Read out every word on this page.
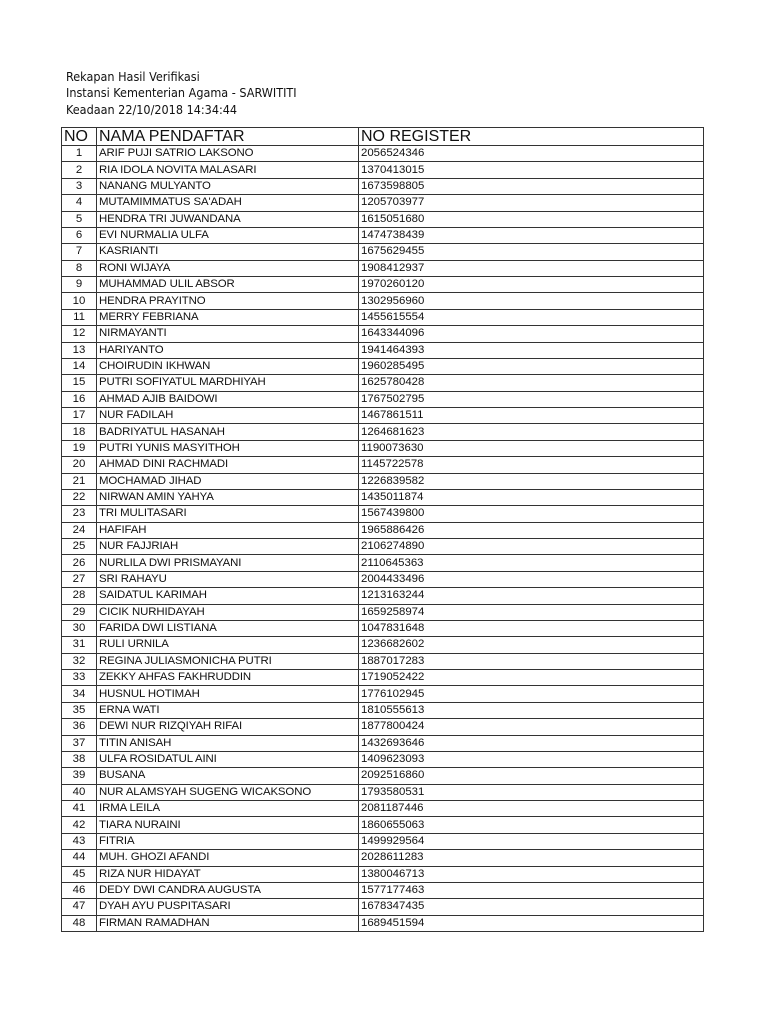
Rekapan Hasil Verifikasi
Instansi Kementerian Agama - SARWITITI
Keadaan 22/10/2018 14:34:44
NO	NAMA PENDAFTAR	NO REGISTER
1	ARIF PUJI SATRIO LAKSONO	2056524346
2	RIA IDOLA NOVITA MALASARI	1370413015
3	NANANG MULYANTO	1673598805
4	MUTAMIMMATUS SA'ADAH	1205703977
5	HENDRA TRI JUWANDANA	1615051680
6	EVI NURMALIA ULFA	1474738439
7	KASRIANTI	1675629455
8	RONI WIJAYA	1908412937
9	MUHAMMAD ULIL ABSOR	1970260120
10	HENDRA PRAYITNO	1302956960
11	MERRY FEBRIANA	1455615554
12	NIRMAYANTI	1643344096
13	HARIYANTO	1941464393
14	CHOIRUDIN IKHWAN	1960285495
15	PUTRI SOFIYATUL MARDHIYAH	1625780428
16	AHMAD AJIB BAIDOWI	1767502795
17	NUR FADILAH	1467861511
18	BADRIYATUL HASANAH	1264681623
19	PUTRI YUNIS MASYITHOH	1190073630
20	AHMAD DINI RACHMADI	1145722578
21	MOCHAMAD JIHAD	1226839582
22	NIRWAN AMIN YAHYA	1435011874
23	TRI MULITASARI	1567439800
24	HAFIFAH	1965886426
25	NUR FAJJRIAH	2106274890
26	NURLILA DWI PRISMAYANI	2110645363
27	SRI RAHAYU	2004433496
28	SAIDATUL KARIMAH	1213163244
29	CICIK NURHIDAYAH	1659258974
30	FARIDA DWI LISTIANA	1047831648
31	RULI URNILA	1236682602
32	REGINA JULIASMONICHA PUTRI	1887017283
33	ZEKKY AHFAS FAKHRUDDIN	1719052422
34	HUSNUL HOTIMAH	1776102945
35	ERNA WATI	1810555613
36	DEWI NUR RIZQIYAH RIFAI	1877800424
37	TITIN ANISAH	1432693646
38	ULFA ROSIDATUL AINI	1409623093
39	BUSANA	2092516860
40	NUR ALAMSYAH SUGENG WICAKSONO	1793580531
41	IRMA LEILA	2081187446
42	TIARA NURAINI	1860655063
43	FITRIA	1499929564
44	MUH. GHOZI AFANDI	2028611283
45	RIZA NUR HIDAYAT	1380046713
46	DEDY DWI CANDRA AUGUSTA	1577177463
47	DYAH AYU PUSPITASARI	1678347435
48	FIRMAN RAMADHAN	1689451594
